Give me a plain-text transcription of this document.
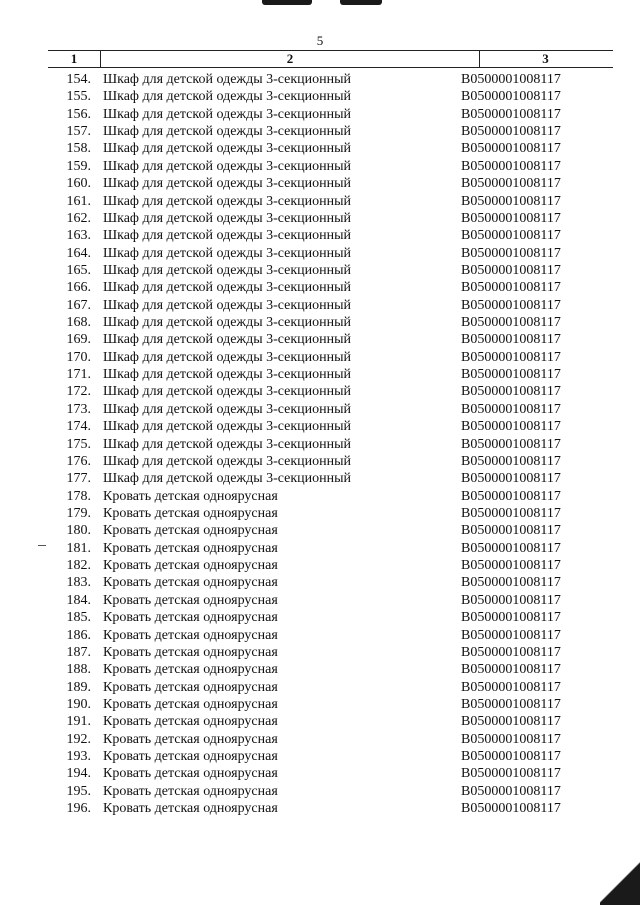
5
1	2	3
154. Шкаф для детской одежды 3-секционный	B0500001008117
155. Шкаф для детской одежды 3-секционный	B0500001008117
156. Шкаф для детской одежды 3-секционный	B0500001008117
157. Шкаф для детской одежды 3-секционный	B0500001008117
158. Шкаф для детской одежды 3-секционный	B0500001008117
159. Шкаф для детской одежды 3-секционный	B0500001008117
160. Шкаф для детской одежды 3-секционный	B0500001008117
161. Шкаф для детской одежды 3-секционный	B0500001008117
162. Шкаф для детской одежды 3-секционный	B0500001008117
163. Шкаф для детской одежды 3-секционный	B0500001008117
164. Шкаф для детской одежды 3-секционный	B0500001008117
165. Шкаф для детской одежды 3-секционный	B0500001008117
166. Шкаф для детской одежды 3-секционный	B0500001008117
167. Шкаф для детской одежды 3-секционный	B0500001008117
168. Шкаф для детской одежды 3-секционный	B0500001008117
169. Шкаф для детской одежды 3-секционный	B0500001008117
170. Шкаф для детской одежды 3-секционный	B0500001008117
171. Шкаф для детской одежды 3-секционный	B0500001008117
172. Шкаф для детской одежды 3-секционный	B0500001008117
173. Шкаф для детской одежды 3-секционный	B0500001008117
174. Шкаф для детской одежды 3-секционный	B0500001008117
175. Шкаф для детской одежды 3-секционный	B0500001008117
176. Шкаф для детской одежды 3-секционный	B0500001008117
177. Шкаф для детской одежды 3-секционный	B0500001008117
178. Кровать детская одноярусная	B0500001008117
179. Кровать детская одноярусная	B0500001008117
180. Кровать детская одноярусная	B0500001008117
181. Кровать детская одноярусная	B0500001008117
182. Кровать детская одноярусная	B0500001008117
183. Кровать детская одноярусная	B0500001008117
184. Кровать детская одноярусная	B0500001008117
185. Кровать детская одноярусная	B0500001008117
186. Кровать детская одноярусная	B0500001008117
187. Кровать детская одноярусная	B0500001008117
188. Кровать детская одноярусная	B0500001008117
189. Кровать детская одноярусная	B0500001008117
190. Кровать детская одноярусная	B0500001008117
191. Кровать детская одноярусная	B0500001008117
192. Кровать детская одноярусная	B0500001008117
193. Кровать детская одноярусная	B0500001008117
194. Кровать детская одноярусная	B0500001008117
195. Кровать детская одноярусная	B0500001008117
196. Кровать детская одноярусная	B0500001008117
